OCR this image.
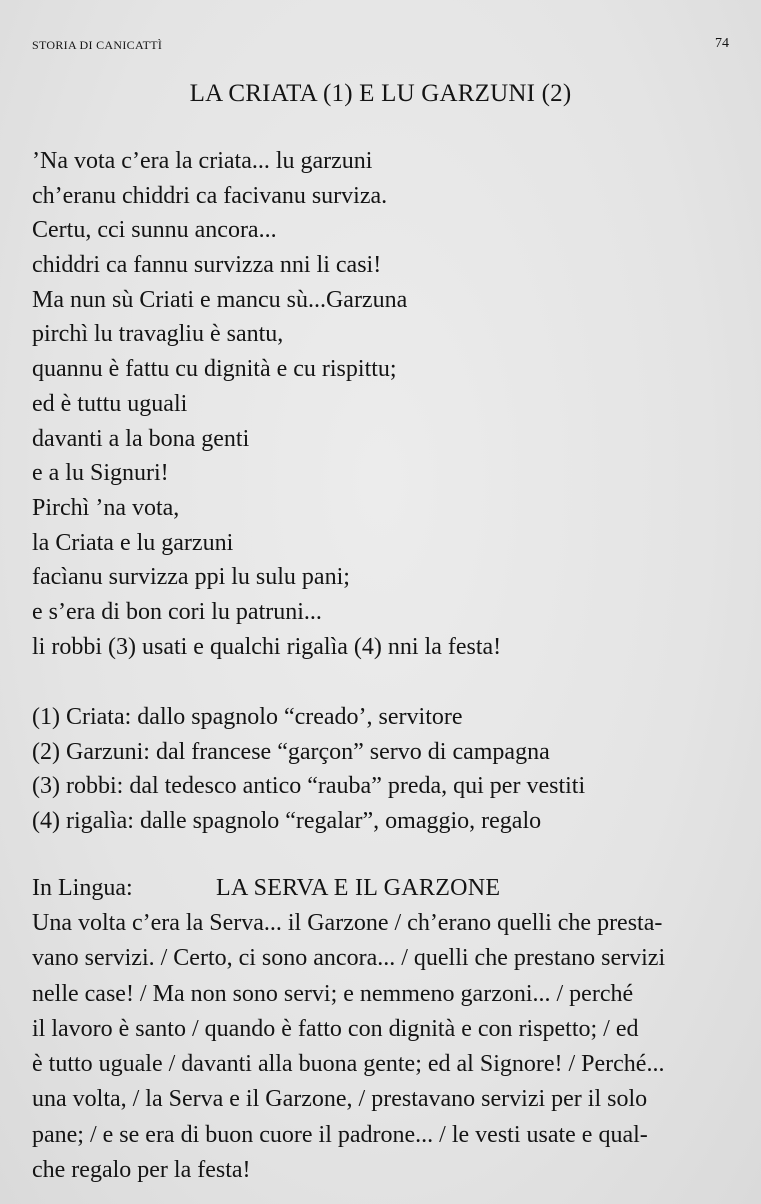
STORIA DI CANICATTÌ	74
LA CRIATA (1) E LU GARZUNI (2)
’Na vota c’era la criata... lu garzuni
ch’eranu chiddri ca facivanu surviza.
Certu, cci sunnu ancora...
chiddri ca fannu survizza nni li casi!
Ma nun sù Criati e mancu sù...Garzuna
pirchì lu travagliu è santu,
quannu è fattu cu dignità e cu rispittu;
ed è tuttu uguali
davanti a la bona genti
e a lu Signuri!
Pirchì ’na vota,
la Criata e lu garzuni
facìanu survizza ppi lu sulu pani;
e s’era di bon cori lu patruni...
li robbi (3) usati e qualchi rigalìa (4) nni la festa!
(1) Criata: dallo spagnolo “creado’, servitore
(2) Garzuni: dal francese “garçon” servo di campagna
(3) robbi: dal tedesco antico “rauba” preda, qui per vestiti
(4) rigalìa: dalle spagnolo “regalar”, omaggio, regalo
In Lingua:	LA SERVA E IL GARZONE
Una volta c’era la Serva... il Garzone / ch’erano quelli che presta-
vano servizi. / Certo, ci sono ancora... / quelli che prestano servizi
nelle case! / Ma non sono servi; e nemmeno garzoni... / perché
il lavoro è santo / quando è fatto con dignità e con rispetto; / ed
è tutto uguale / davanti alla buona gente; ed al Signore! / Perché...
una volta, / la Serva e il Garzone, / prestavano servizi per il solo
pane; / e se era di buon cuore il padrone... / le vesti usate e qual-
che regalo per la festa!
